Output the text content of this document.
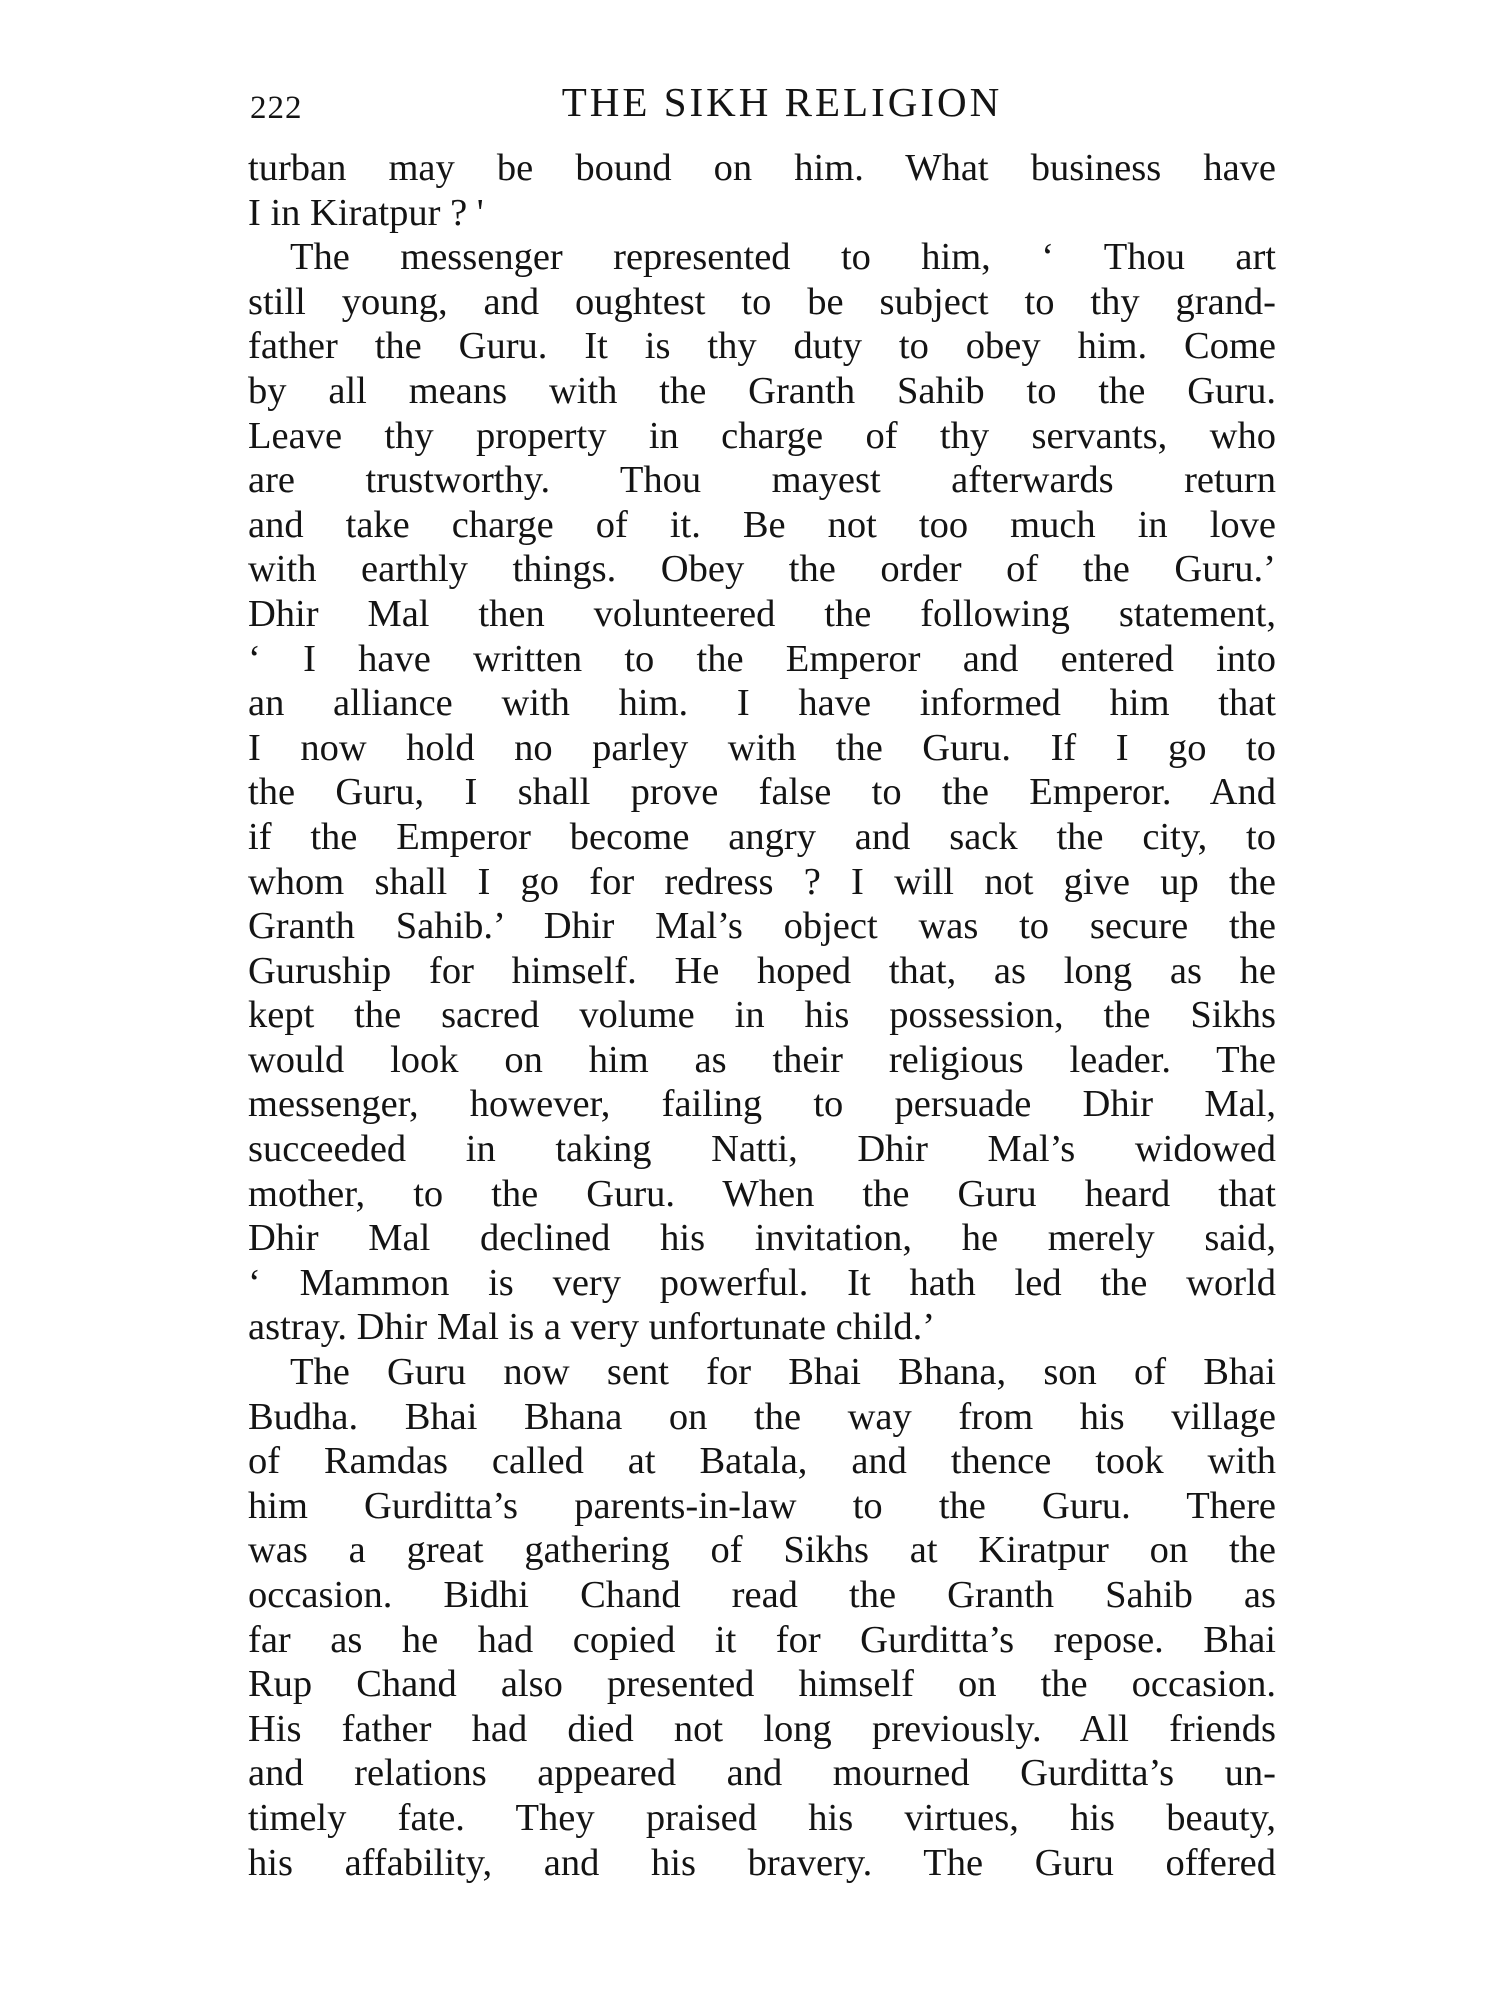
222	THE SIKH RELIGION
turban may be bound on him. What business have
I in Kiratpur ? '
The messenger represented to him, ‘ Thou art
still young, and oughtest to be subject to thy grand-
father the Guru. It is thy duty to obey him. Come
by all means with the Granth Sahib to the Guru.
Leave thy property in charge of thy servants, who
are trustworthy. Thou mayest afterwards return
and take charge of it. Be not too much in love
with earthly things. Obey the order of the Guru.’
Dhir Mal then volunteered the following statement,
‘ I have written to the Emperor and entered into
an alliance with him. I have informed him that
I now hold no parley with the Guru. If I go to
the Guru, I shall prove false to the Emperor. And
if the Emperor become angry and sack the city, to
whom shall I go for redress ? I will not give up the
Granth Sahib.’ Dhir Mal’s object was to secure the
Guruship for himself. He hoped that, as long as he
kept the sacred volume in his possession, the Sikhs
would look on him as their religious leader. The
messenger, however, failing to persuade Dhir Mal,
succeeded in taking Natti, Dhir Mal’s widowed
mother, to the Guru. When the Guru heard that
Dhir Mal declined his invitation, he merely said,
‘ Mammon is very powerful. It hath led the world
astray. Dhir Mal is a very unfortunate child.’
The Guru now sent for Bhai Bhana, son of Bhai
Budha. Bhai Bhana on the way from his village
of Ramdas called at Batala, and thence took with
him Gurditta’s parents-in-law to the Guru. There
was a great gathering of Sikhs at Kiratpur on the
occasion. Bidhi Chand read the Granth Sahib as
far as he had copied it for Gurditta’s repose. Bhai
Rup Chand also presented himself on the occasion.
His father had died not long previously. All friends
and relations appeared and mourned Gurditta’s un-
timely fate. They praised his virtues, his beauty,
his affability, and his bravery. The Guru offered
